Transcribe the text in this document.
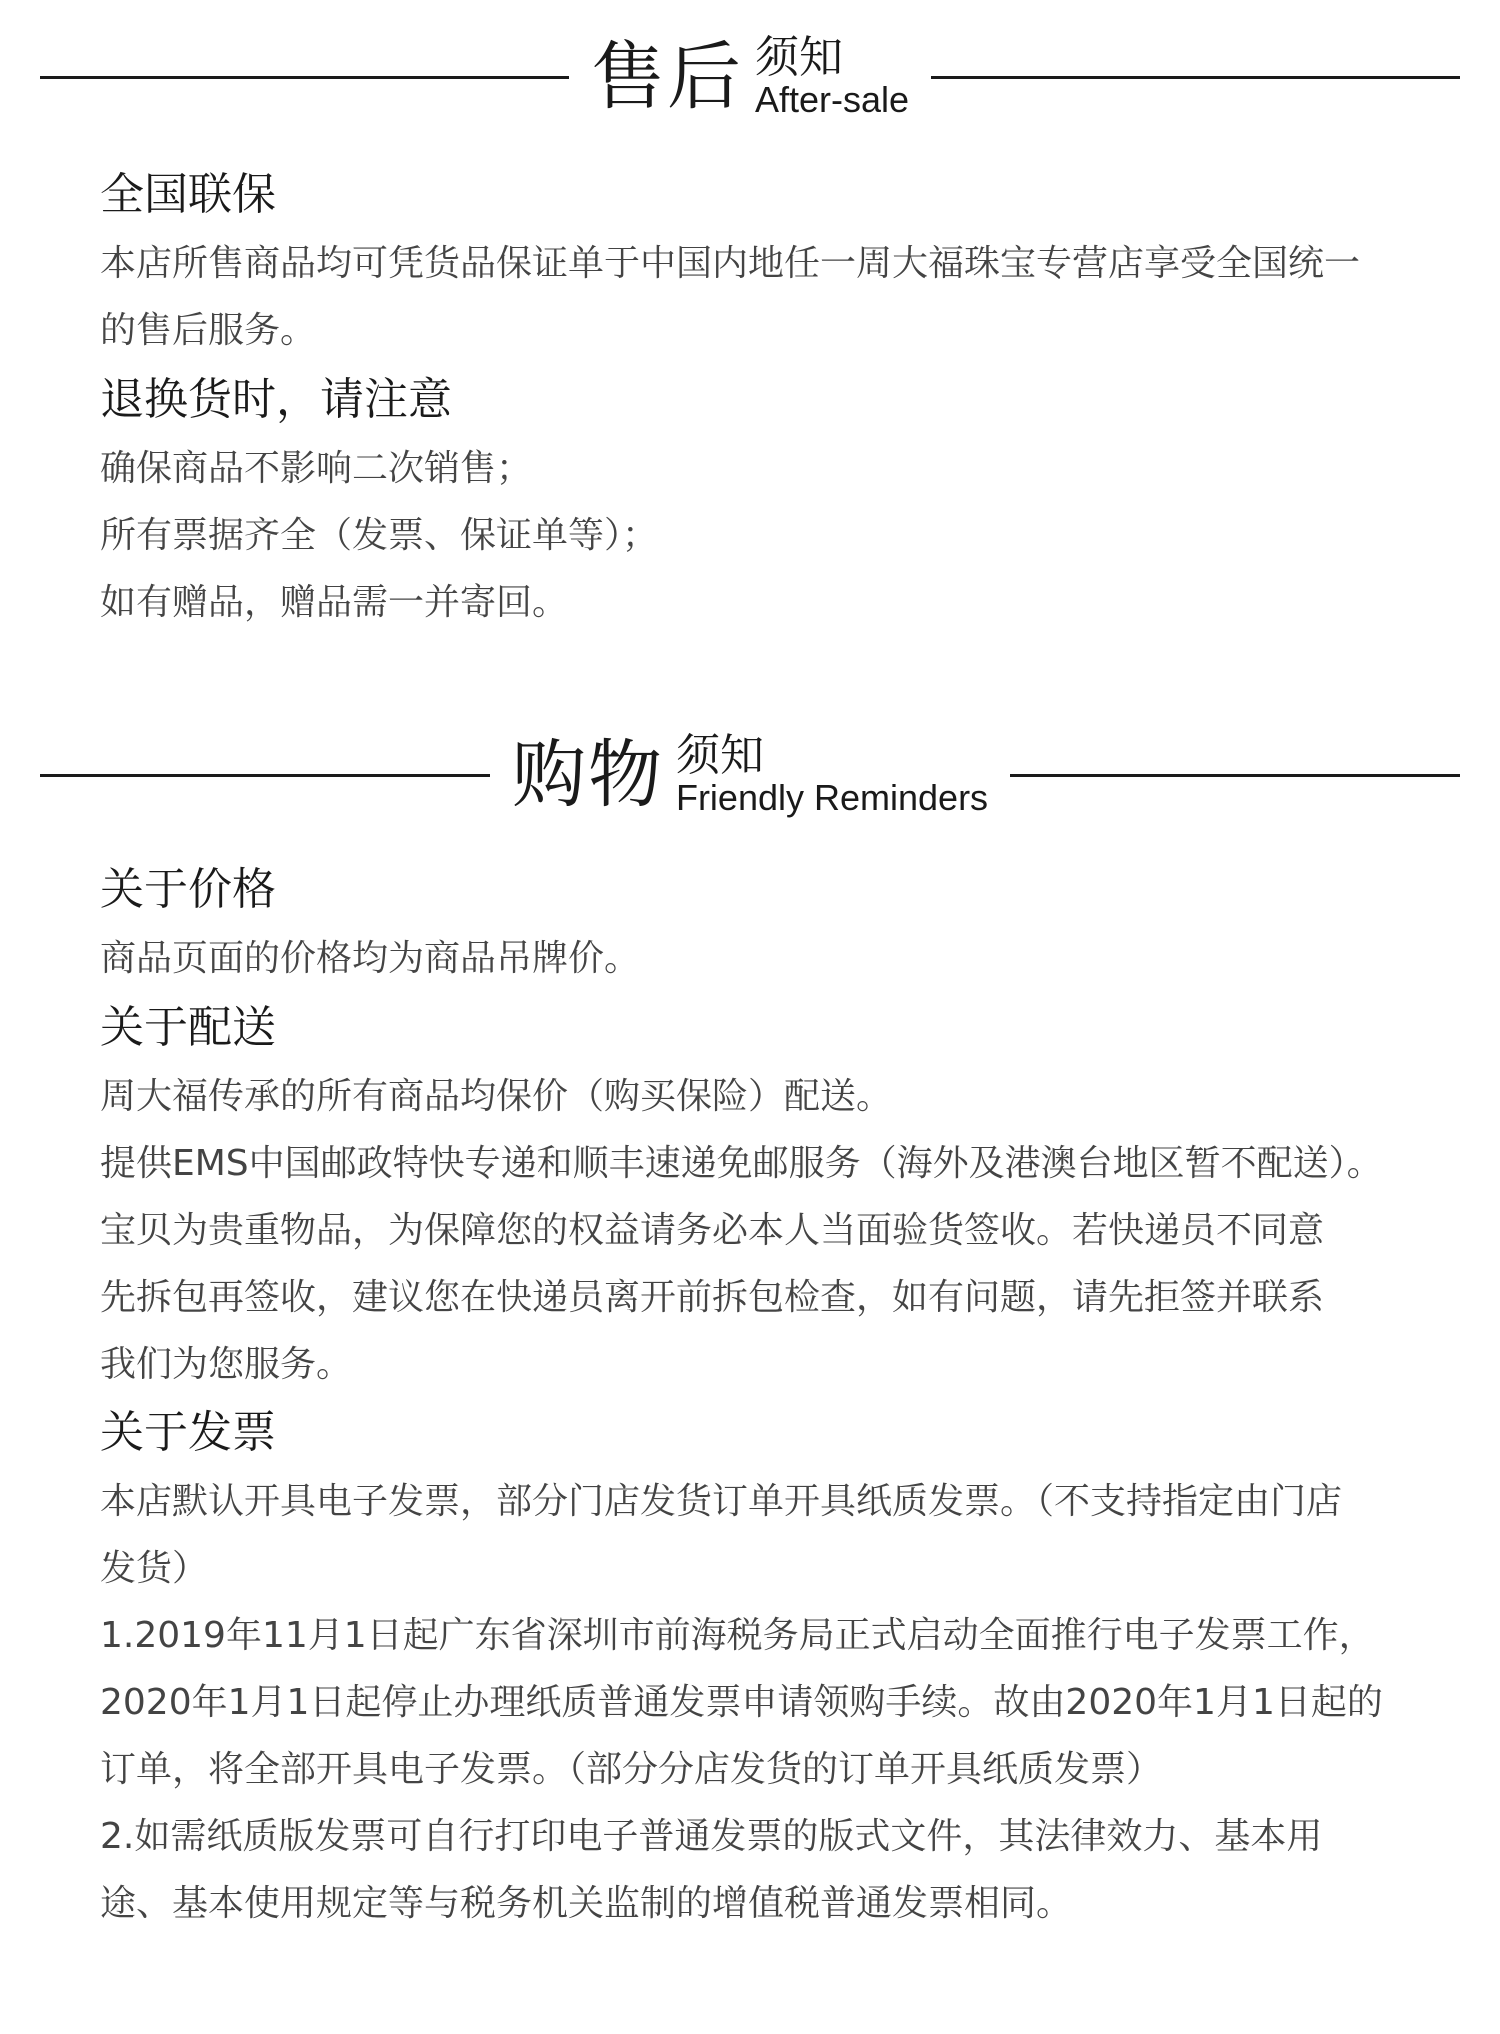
售后 须知
After-sale
全国联保
本店所售商品均可凭货品保证单于中国内地任一周大福珠宝专营店享受全国统一
的售后服务。
退换货时，请注意
确保商品不影响二次销售；
所有票据齐全（发票、保证单等）；
如有赠品，赠品需一并寄回。
购物 须知
Friendly Reminders
关于价格
商品页面的价格均为商品吊牌价。
关于配送
周大福传承的所有商品均保价（购买保险）配送。
提供EMS中国邮政特快专递和顺丰速递免邮服务（海外及港澳台地区暂不配送）。
宝贝为贵重物品，为保障您的权益请务必本人当面验货签收。若快递员不同意
先拆包再签收，建议您在快递员离开前拆包检查，如有问题，请先拒签并联系
我们为您服务。
关于发票
本店默认开具电子发票，部分门店发货订单开具纸质发票。（不支持指定由门店
发货）
1.2019年11月1日起广东省深圳市前海税务局正式启动全面推行电子发票工作，
2020年1月1日起停止办理纸质普通发票申请领购手续。故由2020年1月1日起的
订单，将全部开具电子发票。（部分分店发货的订单开具纸质发票）
2.如需纸质版发票可自行打印电子普通发票的版式文件，其法律效力、基本用
途、基本使用规定等与税务机关监制的增值税普通发票相同。
